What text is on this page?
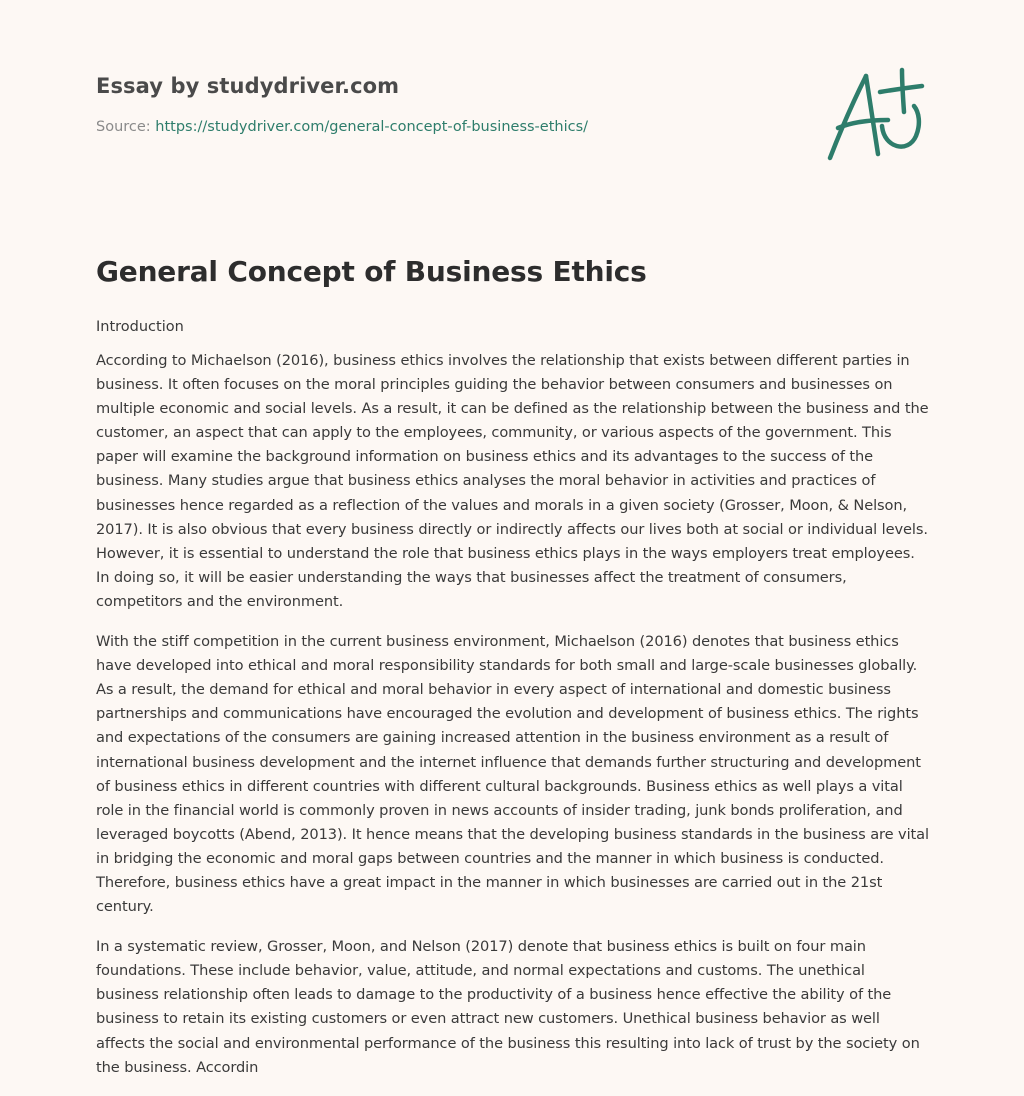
Essay by studydriver.com
Source: https://studydriver.com/general-concept-of-business-ethics/
General Concept of Business Ethics

Introduction

According to Michaelson (2016), business ethics involves the relationship that exists between different parties in business. It often focuses on the moral principles guiding the behavior between consumers and businesses on multiple economic and social levels. As a result, it can be defined as the relationship between the business and the customer, an aspect that can apply to the employees, community, or various aspects of the government. This paper will examine the background information on business ethics and its advantages to the success of the business. Many studies argue that business ethics analyses the moral behavior in activities and practices of businesses hence regarded as a reflection of the values and morals in a given society (Grosser, Moon, & Nelson, 2017). It is also obvious that every business directly or indirectly affects our lives both at social or individual levels. However, it is essential to understand the role that business ethics plays in the ways employers treat employees. In doing so, it will be easier understanding the ways that businesses affect the treatment of consumers, competitors and the environment.

With the stiff competition in the current business environment, Michaelson (2016) denotes that business ethics have developed into ethical and moral responsibility standards for both small and large-scale businesses globally. As a result, the demand for ethical and moral behavior in every aspect of international and domestic business partnerships and communications have encouraged the evolution and development of business ethics. The rights and expectations of the consumers are gaining increased attention in the business environment as a result of international business development and the internet influence that demands further structuring and development of business ethics in different countries with different cultural backgrounds. Business ethics as well plays a vital role in the financial world is commonly proven in news accounts of insider trading, junk bonds proliferation, and leveraged boycotts (Abend, 2013). It hence means that the developing business standards in the business are vital in bridging the economic and moral gaps between countries and the manner in which business is conducted. Therefore, business ethics have a great impact in the manner in which businesses are carried out in the 21st century.

In a systematic review, Grosser, Moon, and Nelson (2017) denote that business ethics is built on four main foundations. These include behavior, value, attitude, and normal expectations and customs. The unethical business relationship often leads to damage to the productivity of a business hence effective the ability of the business to retain its existing customers or even attract new customers. Unethical business behavior as well affects the social and environmental performance of the business this resulting into lack of trust by the society on the business. Accordin
